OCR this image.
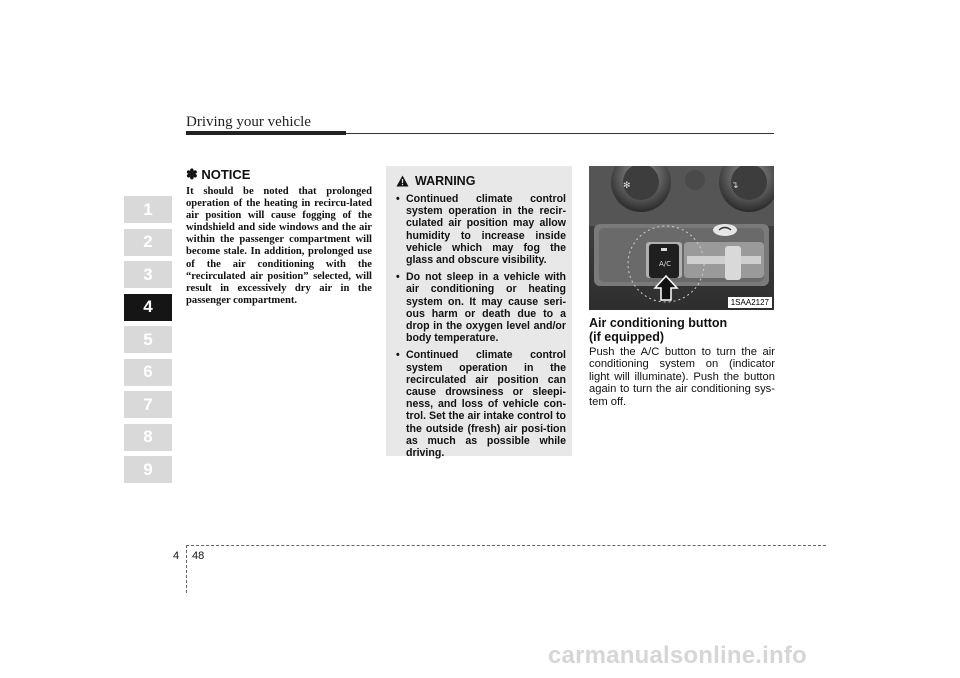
Driving your vehicle
1
2
3
4
5
6
7
8
9
✽ NOTICE
It should be noted that prolonged operation of the heating in recircu-lated air position will cause fogging of the windshield and side windows and the air within the passenger compartment will become stale. In addition, prolonged use of the air conditioning with the “recirculated air position” selected, will result in excessively dry air in the passenger compartment.
WARNING
• Continued climate control system operation in the recir-culated air position may allow humidity to increase inside vehicle which may fog the glass and obscure visibility.
• Do not sleep in a vehicle with air conditioning or heating system on. It may cause seri-ous harm or death due to a drop in the oxygen level and/or body temperature.
• Continued climate control system operation in the recirculated air position can cause drowsiness or sleepi-ness, and loss of vehicle con-trol. Set the air intake control to the outside (fresh) air posi-tion as much as possible while driving.
✻	↴
A/C
1SAA2127
Air conditioning button
(if equipped)
Push the A/C button to turn the air conditioning system on (indicator light will illuminate). Push the button again to turn the air conditioning sys-tem off.
4 48
carmanualsonline.info
